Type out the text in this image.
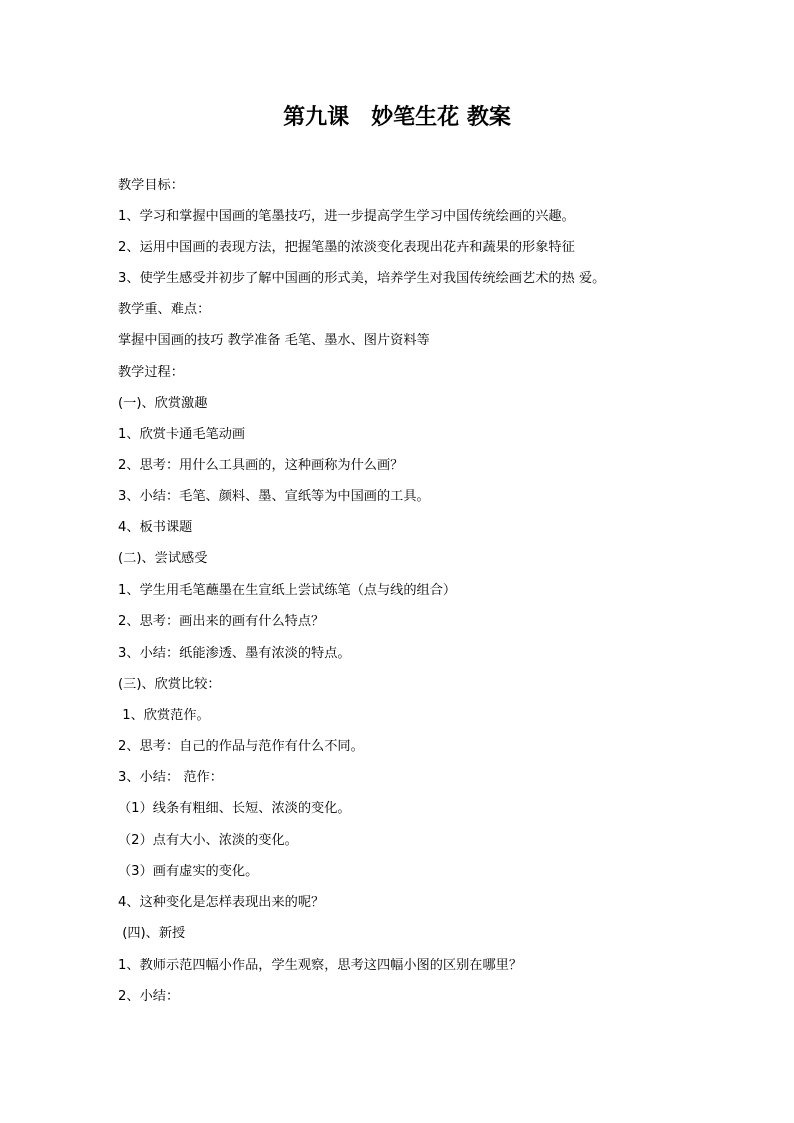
第九课　妙笔生花 教案
教学目标：
1、学习和掌握中国画的笔墨技巧，进一步提高学生学习中国传统绘画的兴趣。
2、运用中国画的表现方法，把握笔墨的浓淡变化表现出花卉和蔬果的形象特征
3、使学生感受并初步了解中国画的形式美，培养学生对我国传统绘画艺术的热 爱。
教学重、难点：
掌握中国画的技巧 教学准备 毛笔、墨水、图片资料等
教学过程：
(一)、欣赏激趣
1、欣赏卡通毛笔动画
2、思考：用什么工具画的，这种画称为什么画？
3、小结：毛笔、颜料、墨、宣纸等为中国画的工具。
4、板书课题
(二)、尝试感受
1、学生用毛笔蘸墨在生宣纸上尝试练笔（点与线的组合）
2、思考：画出来的画有什么特点？
3、小结：纸能渗透、墨有浓淡的特点。
(三)、欣赏比较：
1、欣赏范作。
2、思考：自己的作品与范作有什么不同。
3、小结： 范作：
（1）线条有粗细、长短、浓淡的变化。
（2）点有大小、浓淡的变化。
（3）画有虚实的变化。
4、这种变化是怎样表现出来的呢？
(四)、新授
1、教师示范四幅小作品，学生观察，思考这四幅小图的区别在哪里？
2、小结：
